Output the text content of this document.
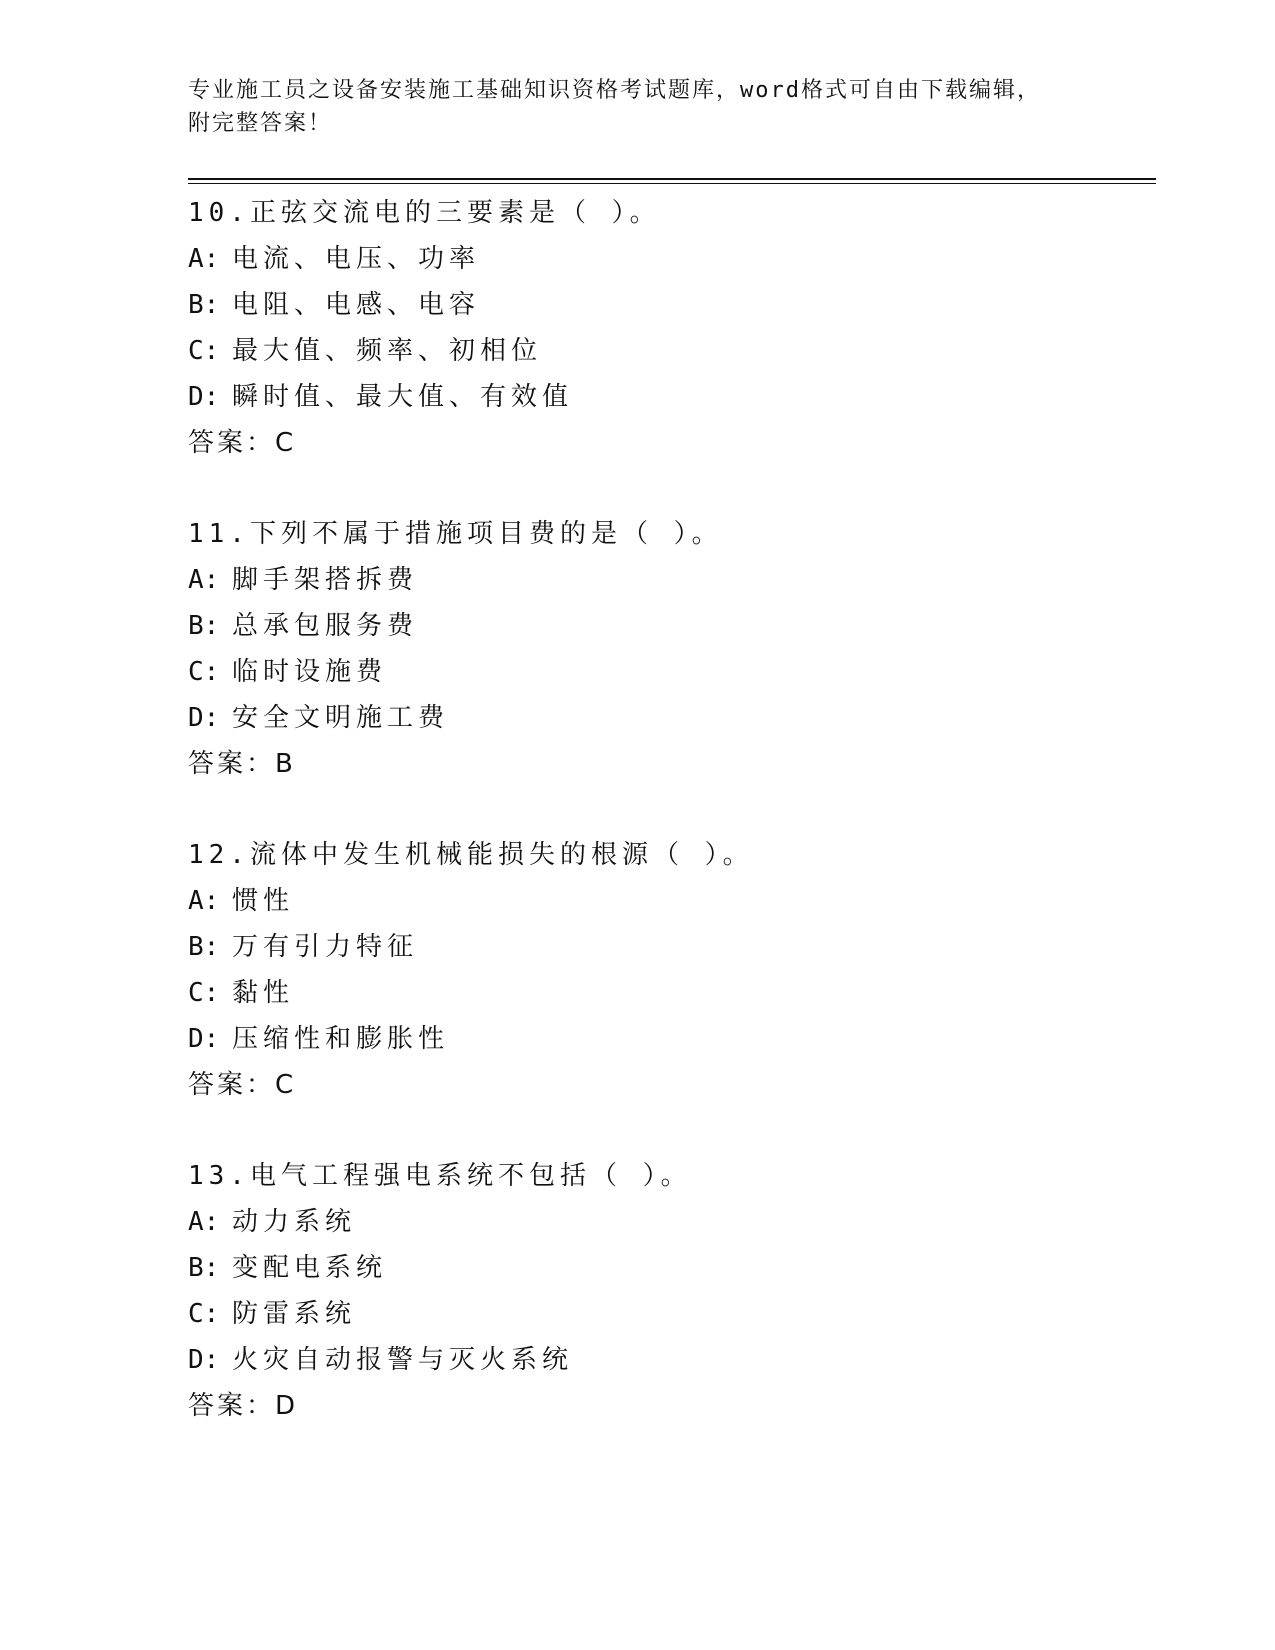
专业施工员之设备安装施工基础知识资格考试题库，word格式可自由下载编辑，
附完整答案！
10.正弦交流电的三要素是（ ）。
A: 电流、电压、功率
B: 电阻、电感、电容
C: 最大值、频率、初相位
D: 瞬时值、最大值、有效值
答案：C
11.下列不属于措施项目费的是（ ）。
A: 脚手架搭拆费
B: 总承包服务费
C: 临时设施费
D: 安全文明施工费
答案：B
12.流体中发生机械能损失的根源（ ）。
A: 惯性
B: 万有引力特征
C: 黏性
D: 压缩性和膨胀性
答案：C
13.电气工程强电系统不包括（ ）。
A: 动力系统
B: 变配电系统
C: 防雷系统
D: 火灾自动报警与灭火系统
答案：D
